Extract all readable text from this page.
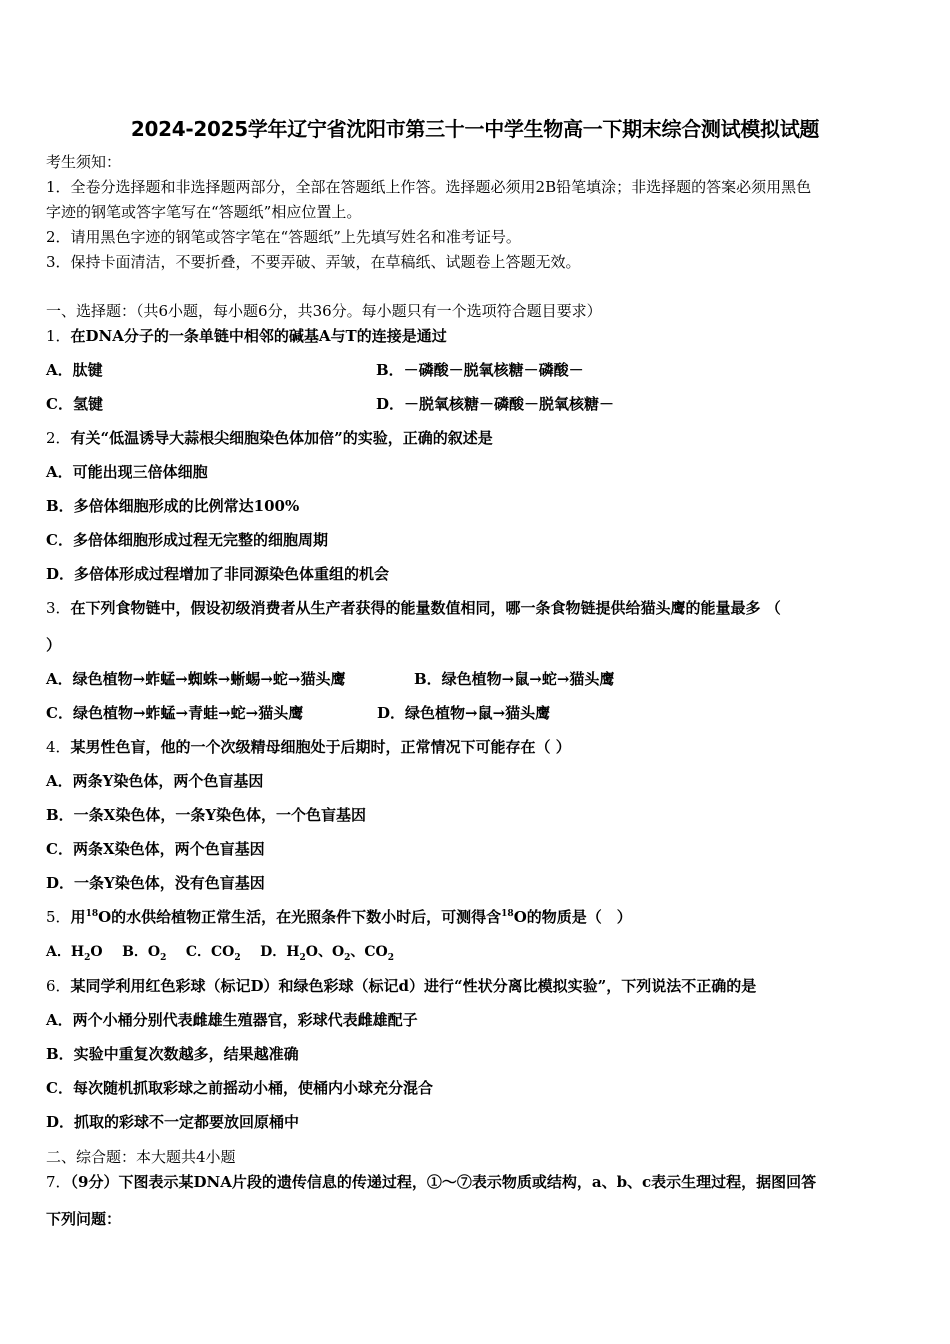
2024-2025学年辽宁省沈阳市第三十一中学生物高一下期末综合测试模拟试题
考生须知：
1．全卷分选择题和非选择题两部分，全部在答题纸上作答。选择题必须用2B铅笔填涂；非选择题的答案必须用黑色
字迹的钢笔或答字笔写在“答题纸”相应位置上。
2．请用黑色字迹的钢笔或答字笔在“答题纸”上先填写姓名和准考证号。
3．保持卡面清洁，不要折叠，不要弄破、弄皱，在草稿纸、试题卷上答题无效。
一、选择题：（共6小题，每小题6分，共36分。每小题只有一个选项符合题目要求）
1．在DNA分子的一条单链中相邻的碱基A与T的连接是通过
A．肽键	B．－磷酸－脱氧核糖－磷酸－
C．氢键	D．－脱氧核糖－磷酸－脱氧核糖－
2．有关“低温诱导大蒜根尖细胞染色体加倍”的实验，正确的叙述是
A．可能出现三倍体细胞
B．多倍体细胞形成的比例常达100%
C．多倍体细胞形成过程无完整的细胞周期
D．多倍体形成过程增加了非同源染色体重组的机会
3．在下列食物链中，假设初级消费者从生产者获得的能量数值相同，哪一条食物链提供给猫头鹰的能量最多 （
）
A．绿色植物→蚱蜢→蜘蛛→蜥蜴→蛇→猫头鹰	B．绿色植物→鼠→蛇→猫头鹰
C．绿色植物→蚱蜢→青蛙→蛇→猫头鹰	D．绿色植物→鼠→猫头鹰
4．某男性色盲，他的一个次级精母细胞处于后期时，正常情况下可能存在（ ）
A．两条Y染色体，两个色盲基因
B．一条X染色体，一条Y染色体，一个色盲基因
C．两条X染色体，两个色盲基因
D．一条Y染色体，没有色盲基因
5．用$^{18}$O的水供给植物正常生活，在光照条件下数小时后，可测得含$^{18}$O的物质是（　）
A．$H_2O$ B．$O_2$ C．$CO_2$ D．$H_2O$、$O_2$、$CO_2$
6．某同学利用红色彩球（标记D）和绿色彩球（标记d）进行“性状分离比模拟实验”，下列说法不正确的是
A．两个小桶分别代表雌雄生殖器官，彩球代表雌雄配子
B．实验中重复次数越多，结果越准确
C．每次随机抓取彩球之前摇动小桶，使桶内小球充分混合
D．抓取的彩球不一定都要放回原桶中
二、综合题：本大题共4小题
7．（9分）下图表示某DNA片段的遗传信息的传递过程，①～⑦表示物质或结构，a、b、c表示生理过程，据图回答
下列问题：
